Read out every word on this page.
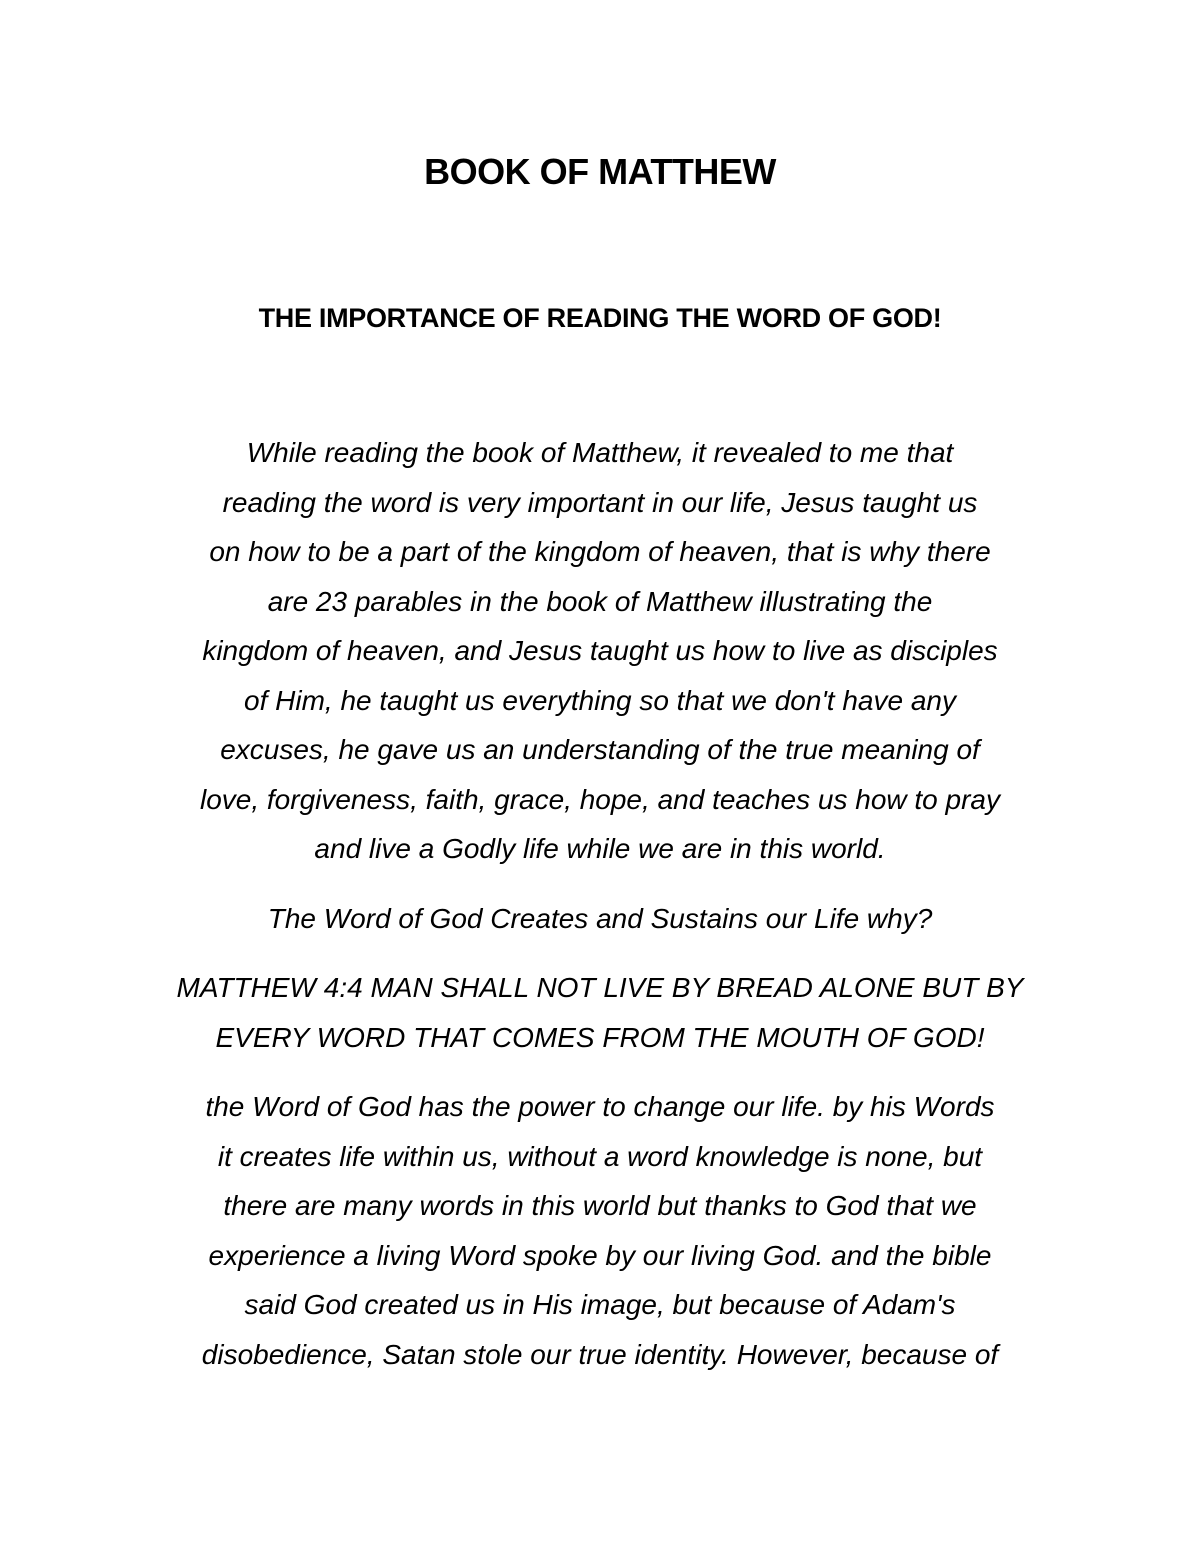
BOOK OF MATTHEW
THE IMPORTANCE OF READING THE WORD OF GOD!
While reading the book of Matthew, it revealed to me that
reading the word is very important in our life, Jesus taught us
on how to be a part of the kingdom of heaven, that is why there
are 23 parables in the book of Matthew illustrating the
kingdom of heaven, and Jesus taught us how to live as disciples
of Him, he taught us everything so that we don't have any
excuses, he gave us an understanding of the true meaning of
love, forgiveness, faith, grace, hope, and teaches us how to pray
and live a Godly life while we are in this world.
The Word of God Creates and Sustains our Life why?
MATTHEW 4:4 MAN SHALL NOT LIVE BY BREAD ALONE BUT BY
EVERY WORD THAT COMES FROM THE MOUTH OF GOD!
the Word of God has the power to change our life. by his Words
it creates life within us, without a word knowledge is none, but
there are many words in this world but thanks to God that we
experience a living Word spoke by our living God. and the bible
said God created us in His image, but because of Adam's
disobedience, Satan stole our true identity. However, because of
